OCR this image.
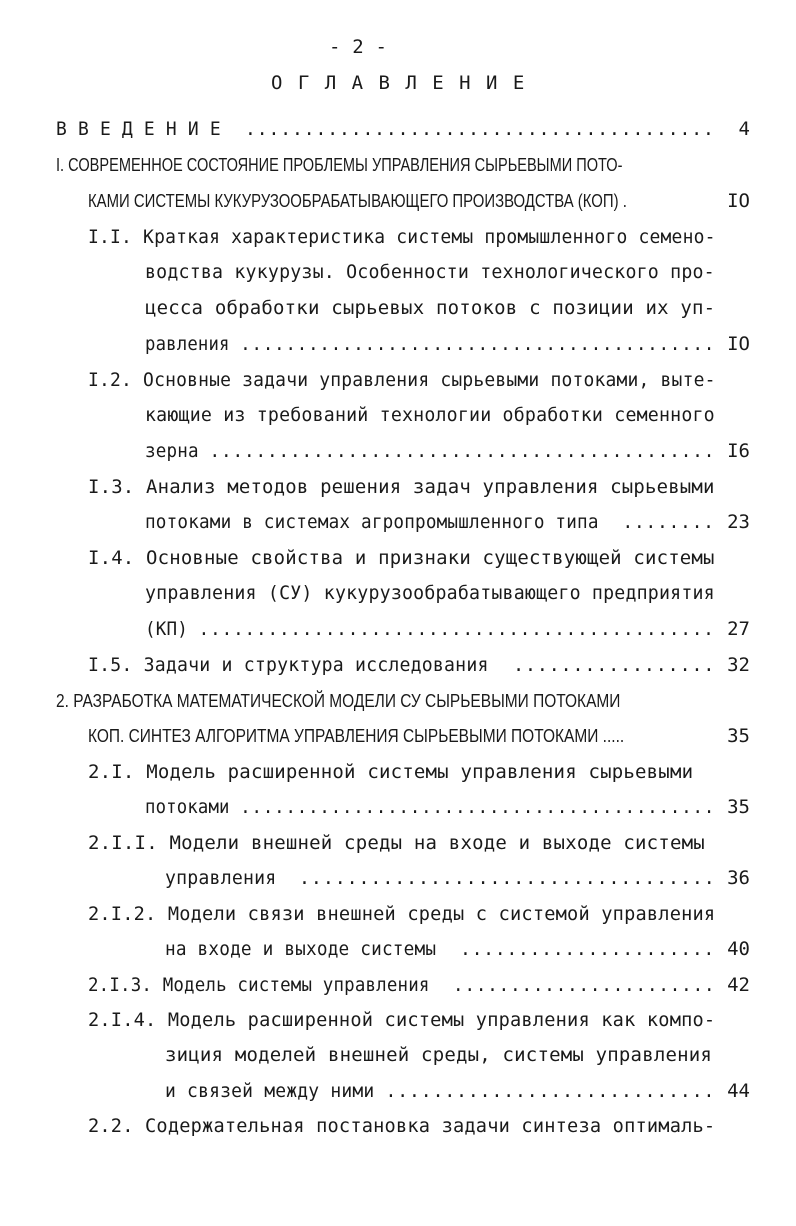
- 2 -
О Г Л А В Л Е Н И Е
В В Е Д Е Н И Е ........................................ 4
I. СОВРЕМЕННОЕ СОСТОЯНИЕ ПРОБЛЕМЫ УПРАВЛЕНИЯ СЫРЬЕВЫМИ ПОТО-
КАМИ СИСТЕМЫ КУКУРУЗООБРАБАТЫВАЮЩЕГО ПРОИЗВОДСТВА (КОП) .	IO
I.I. Краткая характеристика системы промышленного семено-
водства кукурузы. Особенности технологического про-
цесса обработки сырьевых потоков с позиции их уп-
равления .......................................... IO
I.2. Основные задачи управления сырьевыми потоками, выте-
кающие из требований технологии обработки семенного
зерна ............................................ I6
I.3. Анализ методов решения задач управления сырьевыми
потоками в системах агропромышленного типа ........ 23
I.4. Основные свойства и признаки существующей системы
управления (СУ) кукурузообрабатывающего предприятия
(КП) ............................................. 27
I.5. Задачи и структура исследования ................. 32
2. РАЗРАБОТКА МАТЕМАТИЧЕСКОЙ МОДЕЛИ СУ СЫРЬЕВЫМИ ПОТОКАМИ
КОП. СИНТЕЗ АЛГОРИТМА УПРАВЛЕНИЯ СЫРЬЕВЫМИ ПОТОКАМИ .....	35
2.I. Модель расширенной системы управления сырьевыми
потоками .......................................... 35
2.I.I. Модели внешней среды на входе и выходе системы
управления ................................... 36
2.I.2. Модели связи внешней среды с системой управления
на входе и выходе системы ...................... 40
2.I.3. Модель системы управления ....................... 42
2.I.4. Модель расширенной системы управления как компо-
зиция моделей внешней среды, системы управления
и связей между ними ............................ 44
2.2. Содержательная постановка задачи синтеза оптималь-
